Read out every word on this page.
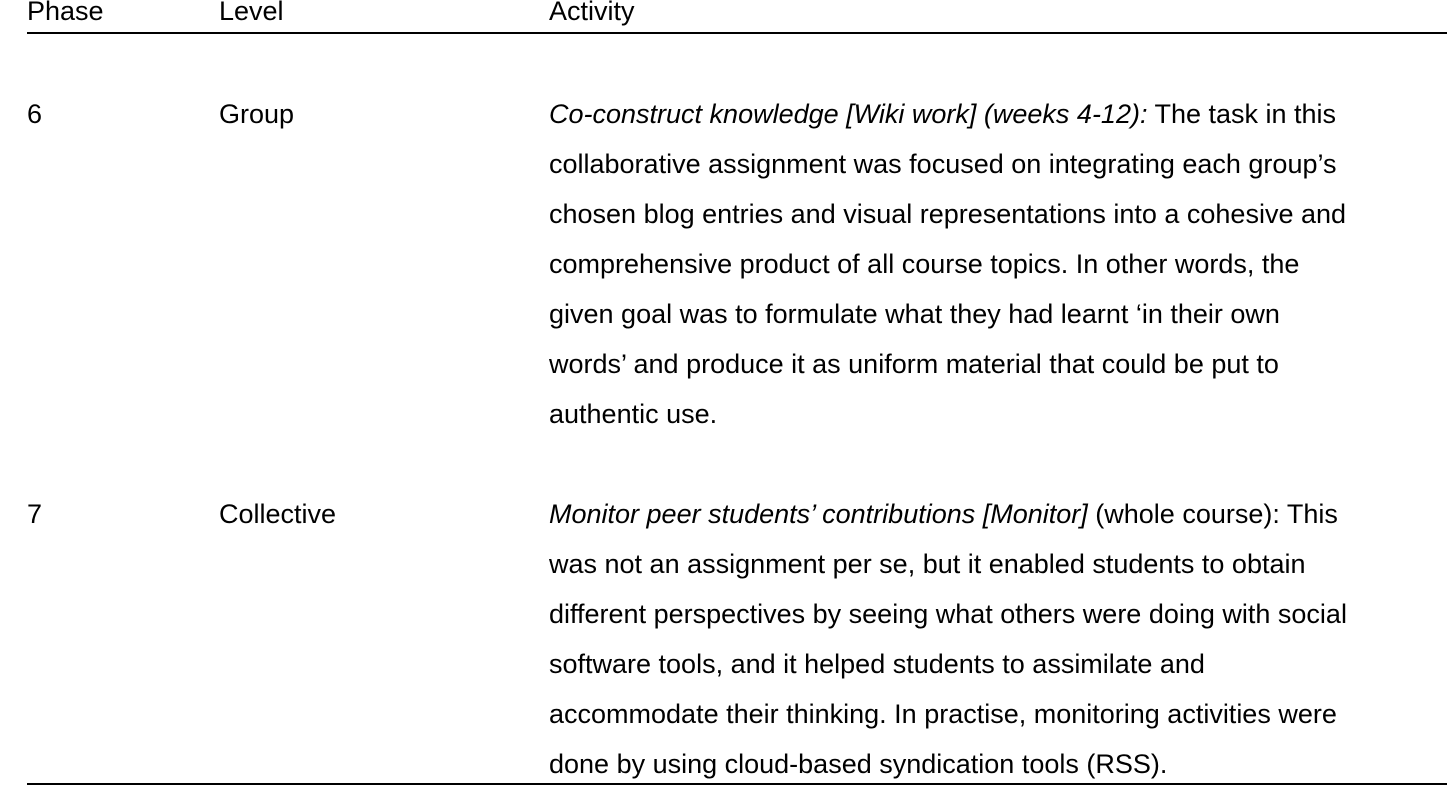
Phase	Level	Activity
6	Group	Co-construct knowledge [Wiki work] (weeks 4-12): The task in this
collaborative assignment was focused on integrating each group’s
chosen blog entries and visual representations into a cohesive and
comprehensive product of all course topics. In other words, the
given goal was to formulate what they had learnt ‘in their own
words’ and produce it as uniform material that could be put to
authentic use.
7	Collective	Monitor peer students’ contributions [Monitor] (whole course): This
was not an assignment per se, but it enabled students to obtain
different perspectives by seeing what others were doing with social
software tools, and it helped students to assimilate and
accommodate their thinking. In practise, monitoring activities were
done by using cloud-based syndication tools (RSS).
